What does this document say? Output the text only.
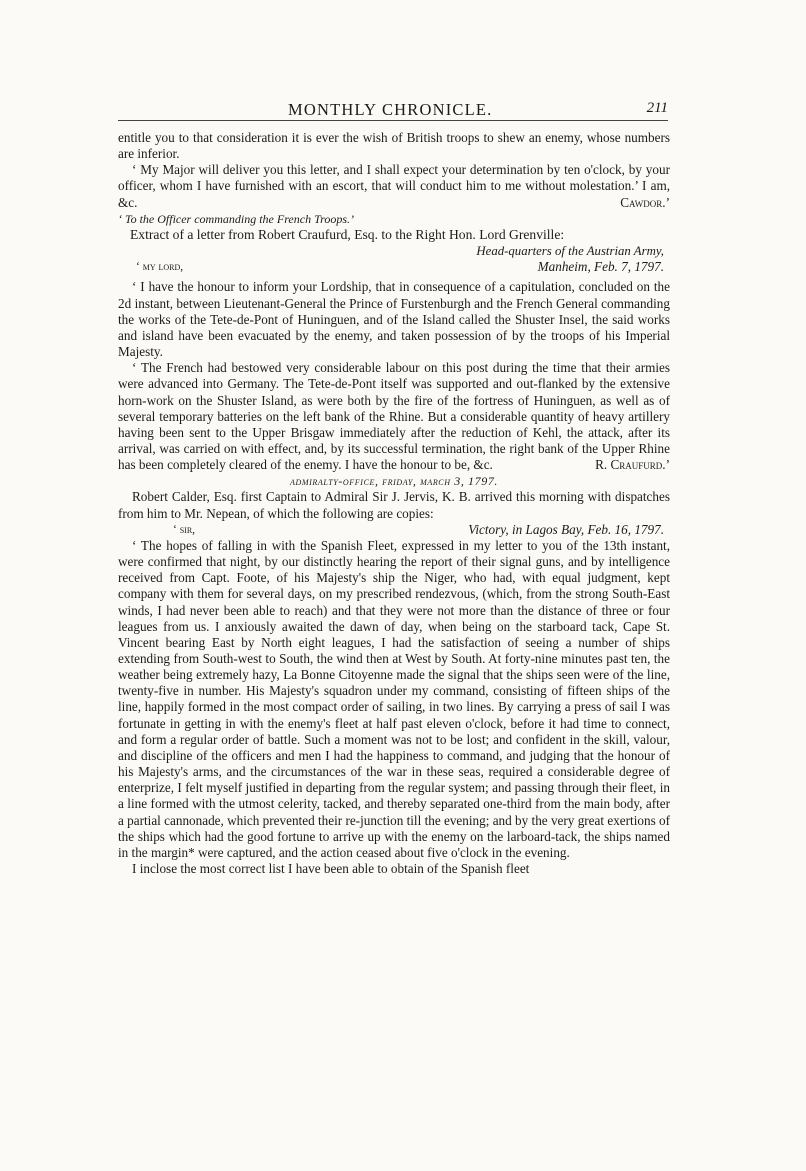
MONTHLY CHRONICLE.	211

entitle you to that consideration it is ever the wish of British troops to shew an enemy, whose numbers are inferior.

‘ My Major will deliver you this letter, and I shall expect your determination by ten o'clock, by your officer, whom I have furnished with an escort, that will conduct him to me without molestation.’ I am, &c.	Cawdor.’

‘ To the Officer commanding the French Troops.’

Extract of a letter from Robert Craufurd, Esq. to the Right Hon. Lord Grenville:

Head-quarters of the Austrian Army,

‘ my lord,	Manheim, Feb. 7, 1797.

‘ I have the honour to inform your Lordship, that in consequence of a capitulation, concluded on the 2d instant, between Lieutenant-General the Prince of Furstenburgh and the French General commanding the works of the Tete-de-Pont of Huninguen, and of the Island called the Shuster Insel, the said works and island have been evacuated by the enemy, and taken possession of by the troops of his Imperial Majesty.

‘ The French had bestowed very considerable labour on this post during the time that their armies were advanced into Germany. The Tete-de-Pont itself was supported and out-flanked by the extensive horn-work on the Shuster Island, as were both by the fire of the fortress of Huninguen, as well as of several temporary batteries on the left bank of the Rhine. But a considerable quantity of heavy artillery having been sent to the Upper Brisgaw immediately after the reduction of Kehl, the attack, after its arrival, was carried on with effect, and, by its successful termination, the right bank of the Upper Rhine has been completely cleared of the enemy. I have the honour to be, &c.	R. Craufurd.’

admiralty-office, friday, march 3, 1797.

Robert Calder, Esq. first Captain to Admiral Sir J. Jervis, K. B. arrived this morning with dispatches from him to Mr. Nepean, of which the following are copies:

‘ sir,	Victory, in Lagos Bay, Feb. 16, 1797.

‘ The hopes of falling in with the Spanish Fleet, expressed in my letter to you of the 13th instant, were confirmed that night, by our distinctly hearing the report of their signal guns, and by intelligence received from Capt. Foote, of his Majesty's ship the Niger, who had, with equal judgment, kept company with them for several days, on my prescribed rendezvous, (which, from the strong South-East winds, I had never been able to reach) and that they were not more than the distance of three or four leagues from us. I anxiously awaited the dawn of day, when being on the starboard tack, Cape St. Vincent bearing East by North eight leagues, I had the satisfaction of seeing a number of ships extending from South-west to South, the wind then at West by South. At forty-nine minutes past ten, the weather being extremely hazy, La Bonne Citoyenne made the signal that the ships seen were of the line, twenty-five in number. His Majesty's squadron under my command, consisting of fifteen ships of the line, happily formed in the most compact order of sailing, in two lines. By carrying a press of sail I was fortunate in getting in with the enemy's fleet at half past eleven o'clock, before it had time to connect, and form a regular order of battle. Such a moment was not to be lost; and confident in the skill, valour, and discipline of the officers and men I had the happiness to command, and judging that the honour of his Majesty's arms, and the circumstances of the war in these seas, required a considerable degree of enterprize, I felt myself justified in departing from the regular system; and passing through their fleet, in a line formed with the utmost celerity, tacked, and thereby separated one-third from the main body, after a partial cannonade, which prevented their re-junction till the evening; and by the very great exertions of the ships which had the good fortune to arrive up with the enemy on the larboard-tack, the ships named in the margin* were captured, and the action ceased about five o'clock in the evening.

I inclose the most correct list I have been able to obtain of the Spanish fleet
